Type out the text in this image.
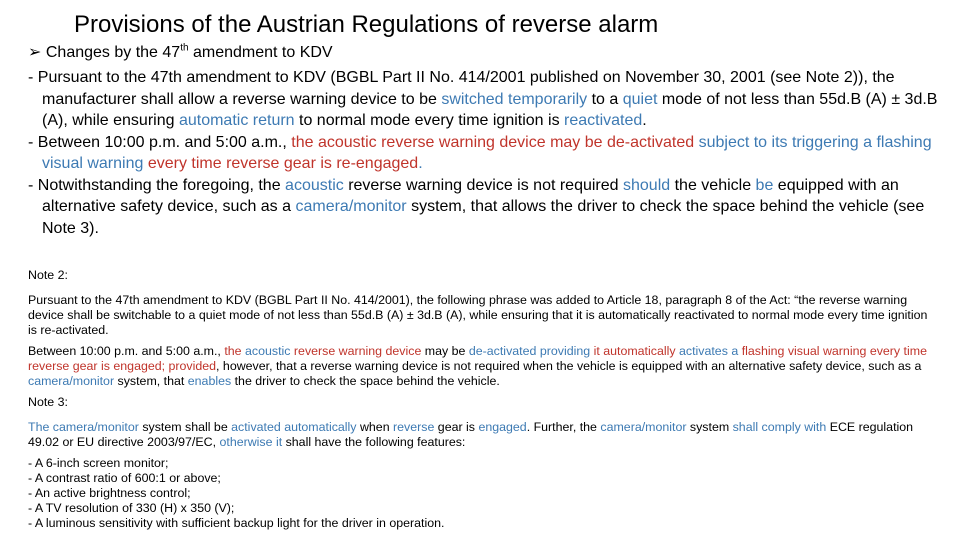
Provisions of the Austrian Regulations of reverse alarm
➢ Changes by the 47th amendment to KDV

- Pursuant to the 47th amendment to KDV (BGBL Part II No. 414/2001 published on November 30, 2001 (see Note 2)), the manufacturer shall allow a reverse warning device to be switched temporarily to a quiet mode of not less than 55d.B (A) ± 3d.B (A), while ensuring automatic return to normal mode every time ignition is reactivated.

- Between 10:00 p.m. and 5:00 a.m., the acoustic reverse warning device may be de-activated subject to its triggering a flashing visual warning every time reverse gear is re-engaged.

- Notwithstanding the foregoing, the acoustic reverse warning device is not required should the vehicle be equipped with an alternative safety device, such as a camera/monitor system, that allows the driver to check the space behind the vehicle (see Note 3).

Note 2:

Pursuant to the 47th amendment to KDV (BGBL Part II No. 414/2001), the following phrase was added to Article 18, paragraph 8 of the Act: “the reverse warning device shall be switchable to a quiet mode of not less than 55d.B (A) ± 3d.B (A), while ensuring that it is automatically reactivated to normal mode every time ignition is re-activated.

Between 10:00 p.m. and 5:00 a.m., the acoustic reverse warning device may be de-activated providing it automatically activates a flashing visual warning every time reverse gear is engaged; provided, however, that a reverse warning device is not required when the vehicle is equipped with an alternative safety device, such as a camera/monitor system, that enables the driver to check the space behind the vehicle.

Note 3:

The camera/monitor system shall be activated automatically when reverse gear is engaged. Further, the camera/monitor system shall comply with ECE regulation 49.02 or EU directive 2003/97/EC, otherwise it shall have the following features:

- A 6-inch screen monitor;

- A contrast ratio of 600:1 or above;

- An active brightness control;

- A TV resolution of 330 (H) x 350 (V);

- A luminous sensitivity with sufficient backup light for the driver in operation.
